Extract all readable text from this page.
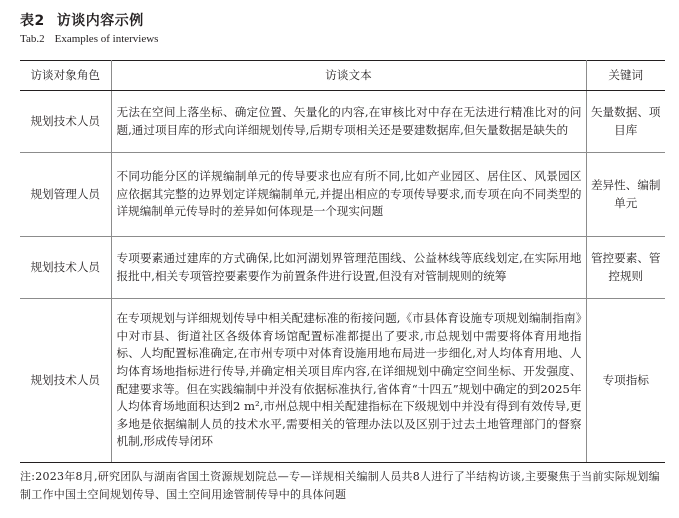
表2 访谈内容示例
Tab.2 Examples of interviews
访谈对象角色	访谈文本	关键词
规划技术人员	无法在空间上落坐标、确定位置、矢量化的内容,在审核比对中存在无法进行精准比对的问题,通过项目库的形式向详细规划传导,后期专项相关还是要建数据库,但矢量数据是缺失的	矢量数据、项目库
规划管理人员	不同功能分区的详规编制单元的传导要求也应有所不同,比如产业园区、居住区、风景园区应依据其完整的边界划定详规编制单元,并提出相应的专项传导要求,而专项在向不同类型的详规编制单元传导时的差异如何体现是一个现实问题	差异性、编制单元
规划技术人员	专项要素通过建库的方式确保,比如河湖划界管理范围线、公益林线等底线划定,在实际用地报批中,相关专项管控要素要作为前置条件进行设置,但没有对管制规则的统筹	管控要素、管控规则
规划技术人员	在专项规划与详细规划传导中相关配建标准的衔接问题,《市县体育设施专项规划编制指南》中对市县、街道社区各级体育场馆配置标准都提出了要求,市总规划中需要将体育用地指标、人均配置标准确定,在市州专项中对体育设施用地布局进一步细化,对人均体育用地、人均体育场地指标进行传导,并确定相关项目库内容,在详细规划中确定空间坐标、开发强度、配建要求等。但在实践编制中并没有依据标准执行,省体育“十四五”规划中确定的到2025年人均体育场地面积达到2 m²,市州总规中相关配建指标在下级规划中并没有得到有效传导,更多地是依据编制人员的技术水平,需要相关的管理办法以及区别于过去土地管理部门的督察机制,形成传导闭环	专项指标
注:2023年8月,研究团队与湖南省国土资源规划院总—专—详规相关编制人员共8人进行了半结构访谈,主要聚焦于当前实际规划编制工作中国土空间规划传导、国土空间用途管制传导中的具体问题
